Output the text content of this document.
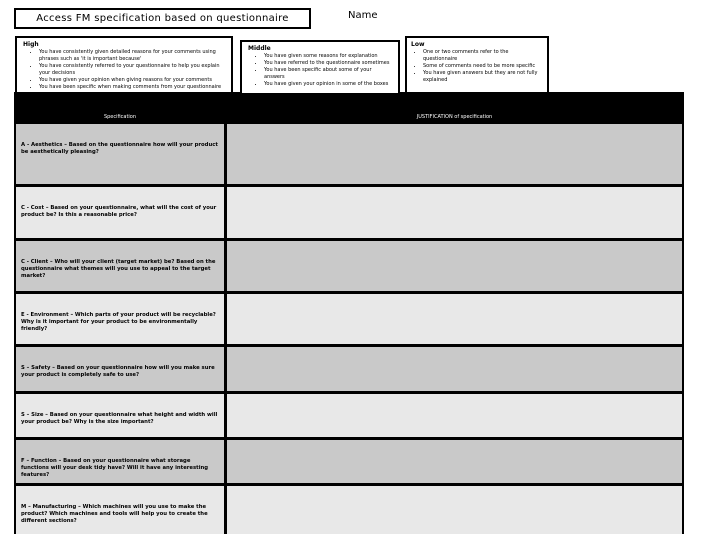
Access FM specification based on questionnaire	Name
High
• You have consistently given detailed reasons for your comments using phrases such as 'it is important because'
• You have consistently referred to your questionnaire to help you explain your decisions
• You have given your opinion when giving reasons for your comments
• You have been specific when making comments from your questionnaire
Middle
• You have given some reasons for explanation
• You have referred to the questionnaire sometimes
• You have been specific about some of your answers
• You have given your opinion in some of the boxes
Low
• One or two comments refer to the questionnaire
• Some of comments need to be more specific
• You have given answers but they are not fully explained
Specification	JUSTIFICATION of specification
A - Aesthetics – Based on the questionnaire how will your product be aesthetically pleasing?
C - Cost – Based on your questionnaire, what will the cost of your product be? Is this a reasonable price?
C - Client – Who will your client (target market) be? Based on the questionnaire what themes will you use to appeal to the target market?
E - Environment – Which parts of your product will be recyclable? Why is it important for your product to be environmentally friendly?
S – Safety – Based on your questionnaire how will you make sure your product is completely safe to use?
S – Size – Based on your questionnaire what height and width will your product be? Why is the size important?
F – Function – Based on your questionnaire what storage functions will your desk tidy have? Will it have any interesting features?
M – Manufacturing – Which machines will you use to make the product? Which machines and tools will help you to create the different sections?
